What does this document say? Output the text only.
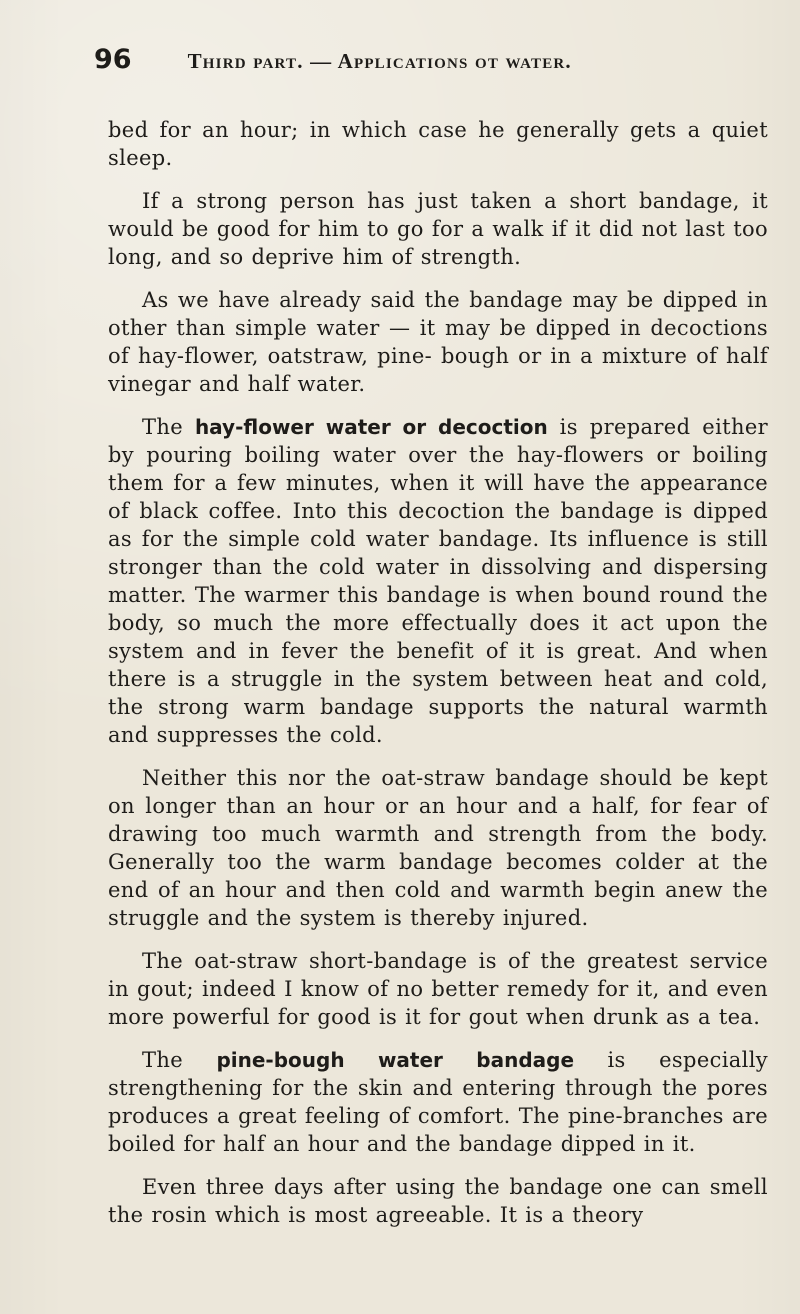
96	Third part. — Applications ot water.

bed for an hour; in which case he generally gets a quiet sleep.

If a strong person has just taken a short bandage, it would be good for him to go for a walk if it did not last too long, and so deprive him of strength.

As we have already said the bandage may be dipped in other than simple water — it may be dipped in decoctions of hay-flower, oatstraw, pine- bough or in a mixture of half vinegar and half water.

The hay-flower water or decoction is prepared either by pouring boiling water over the hay-flowers or boiling them for a few minutes, when it will have the appearance of black coffee. Into this decoction the bandage is dipped as for the simple cold water bandage. Its influence is still stronger than the cold water in dissolving and dispersing matter. The warmer this bandage is when bound round the body, so much the more effectually does it act upon the system and in fever the benefit of it is great. And when there is a struggle in the system between heat and cold, the strong warm bandage supports the natural warmth and suppresses the cold.

Neither this nor the oat-straw bandage should be kept on longer than an hour or an hour and a half, for fear of drawing too much warmth and strength from the body. Generally too the warm bandage becomes colder at the end of an hour and then cold and warmth begin anew the struggle and the system is thereby injured.

The oat-straw short-bandage is of the greatest service in gout; indeed I know of no better remedy for it, and even more powerful for good is it for gout when drunk as a tea.

The pine-bough water bandage is especially strengthening for the skin and entering through the pores produces a great feeling of comfort. The pine-branches are boiled for half an hour and the bandage dipped in it.

Even three days after using the bandage one can smell the rosin which is most agreeable. It is a theory
